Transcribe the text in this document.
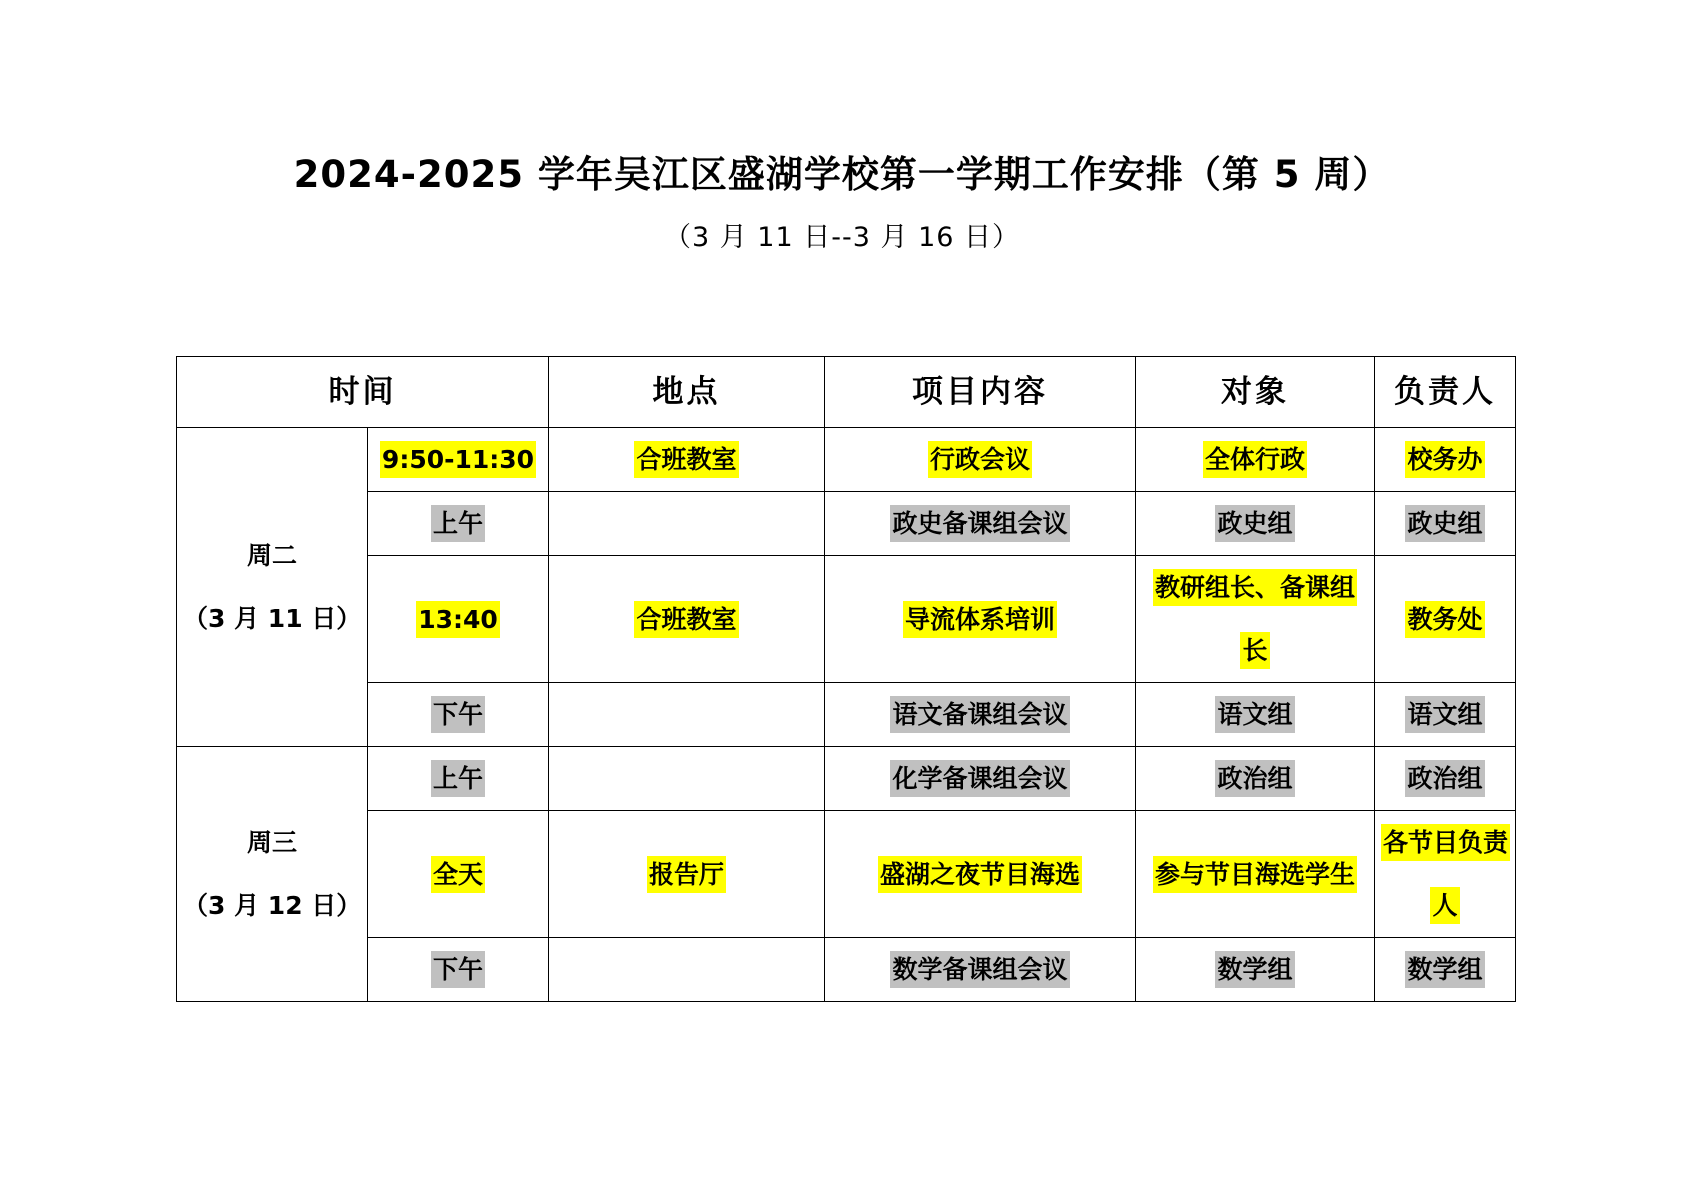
2024-2025 学年吴江区盛湖学校第一学期工作安排（第 5 周）
（3 月 11 日--3 月 16 日）
时间		地点	项目内容	对象	负责人

周二
（3 月 11 日）	9:50-11:30	合班教室	行政会议	全体行政	校务办
	上午		政史备课组会议	政史组	政史组
	13:40	合班教室	导流体系培训	教研组长、备课组长	教务处
	下午		语文备课组会议	语文组	语文组

周三
（3 月 12 日）	上午		化学备课组会议	政治组	政治组
	全天	报告厅	盛湖之夜节目海选	参与节目海选学生	各节目负责人
	下午		数学备课组会议	数学组	数学组
